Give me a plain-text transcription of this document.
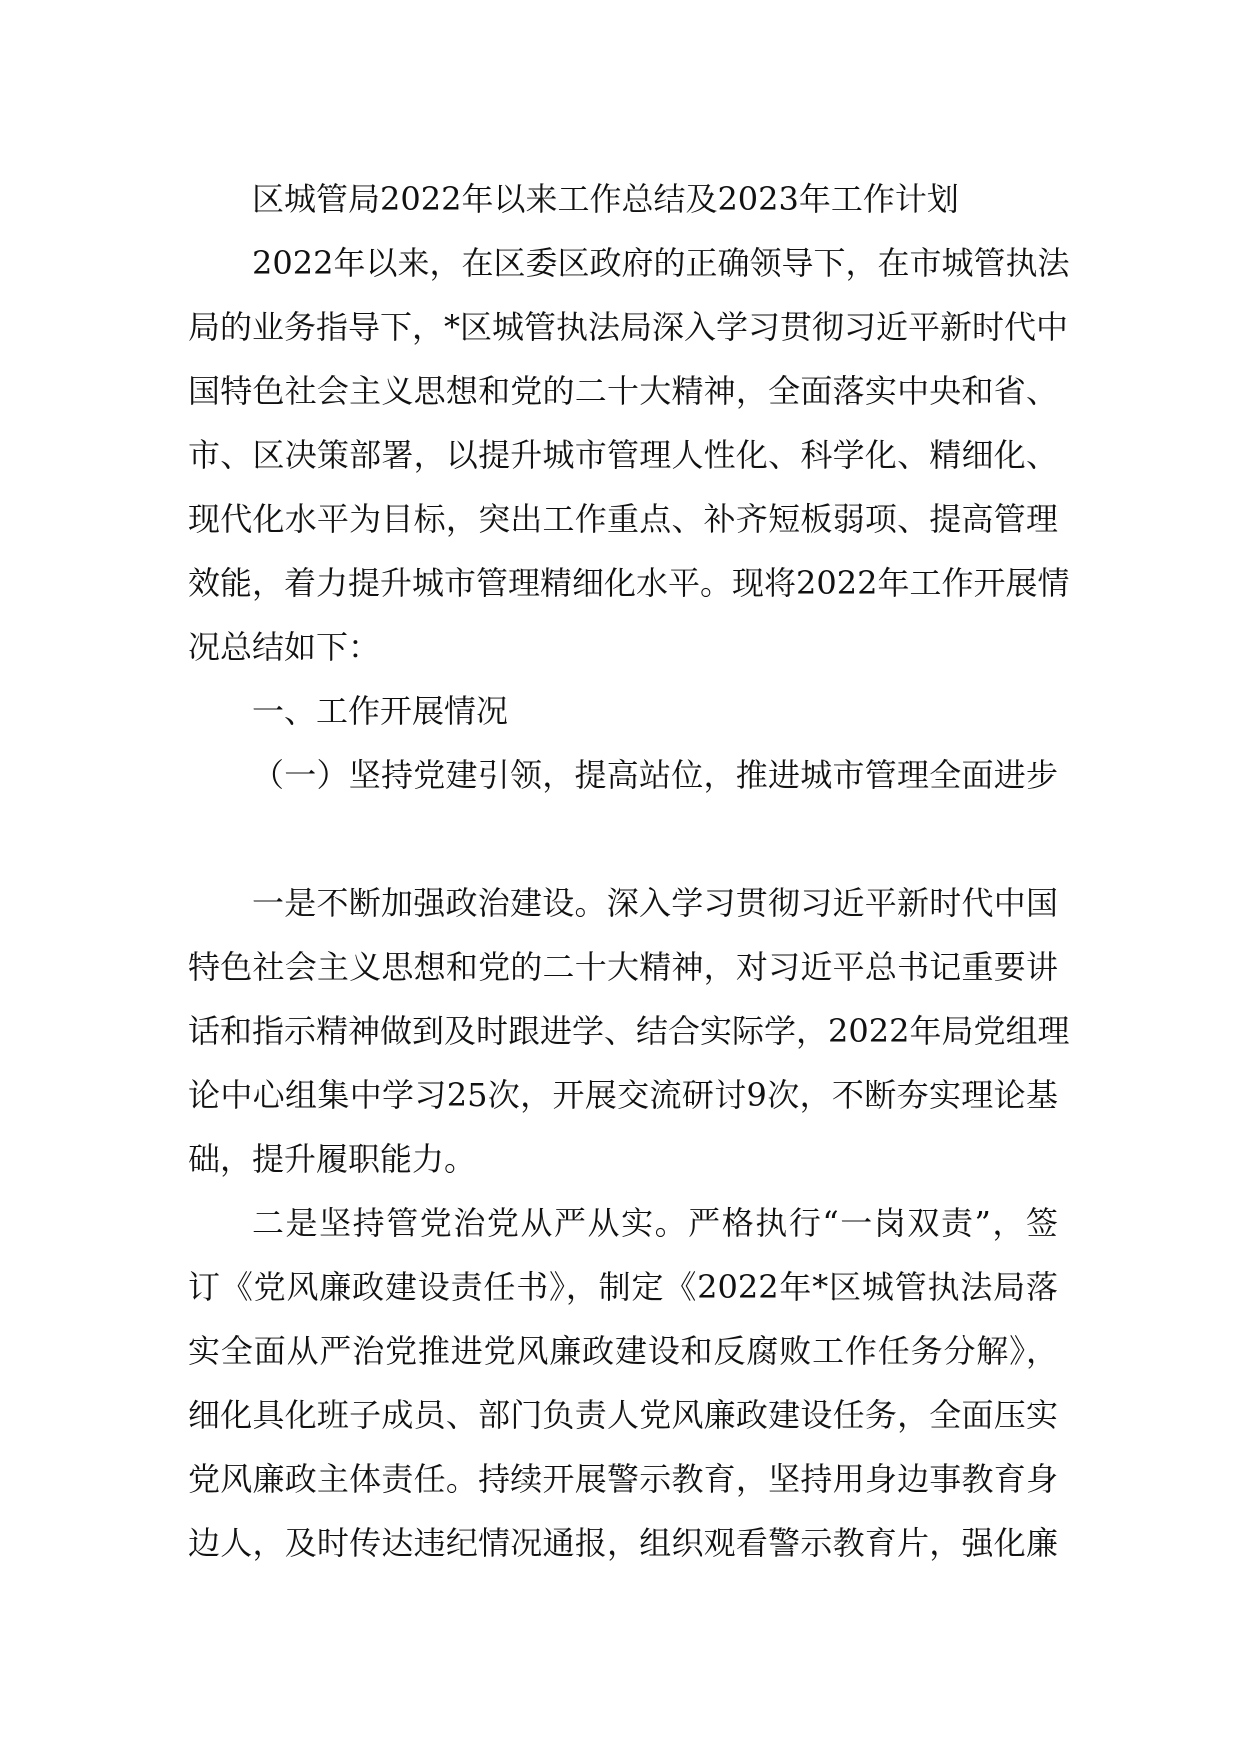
区城管局2022年以来工作总结及2023年工作计划
2022年以来，在区委区政府的正确领导下，在市城管执法
局的业务指导下，*区城管执法局深入学习贯彻习近平新时代中
国特色社会主义思想和党的二十大精神，全面落实中央和省、
市、区决策部署，以提升城市管理人性化、科学化、精细化、
现代化水平为目标，突出工作重点、补齐短板弱项、提高管理
效能，着力提升城市管理精细化水平。现将2022年工作开展情
况总结如下：
一、工作开展情况
（一）坚持党建引领，提高站位，推进城市管理全面进步
一是不断加强政治建设。深入学习贯彻习近平新时代中国
特色社会主义思想和党的二十大精神，对习近平总书记重要讲
话和指示精神做到及时跟进学、结合实际学，2022年局党组理
论中心组集中学习25次，开展交流研讨9次，不断夯实理论基
础，提升履职能力。
二是坚持管党治党从严从实。严格执行“一岗双责”，签
订《党风廉政建设责任书》，制定《2022年*区城管执法局落
实全面从严治党推进党风廉政建设和反腐败工作任务分解》，
细化具化班子成员、部门负责人党风廉政建设任务，全面压实
党风廉政主体责任。持续开展警示教育，坚持用身边事教育身
边人，及时传达违纪情况通报，组织观看警示教育片，强化廉
